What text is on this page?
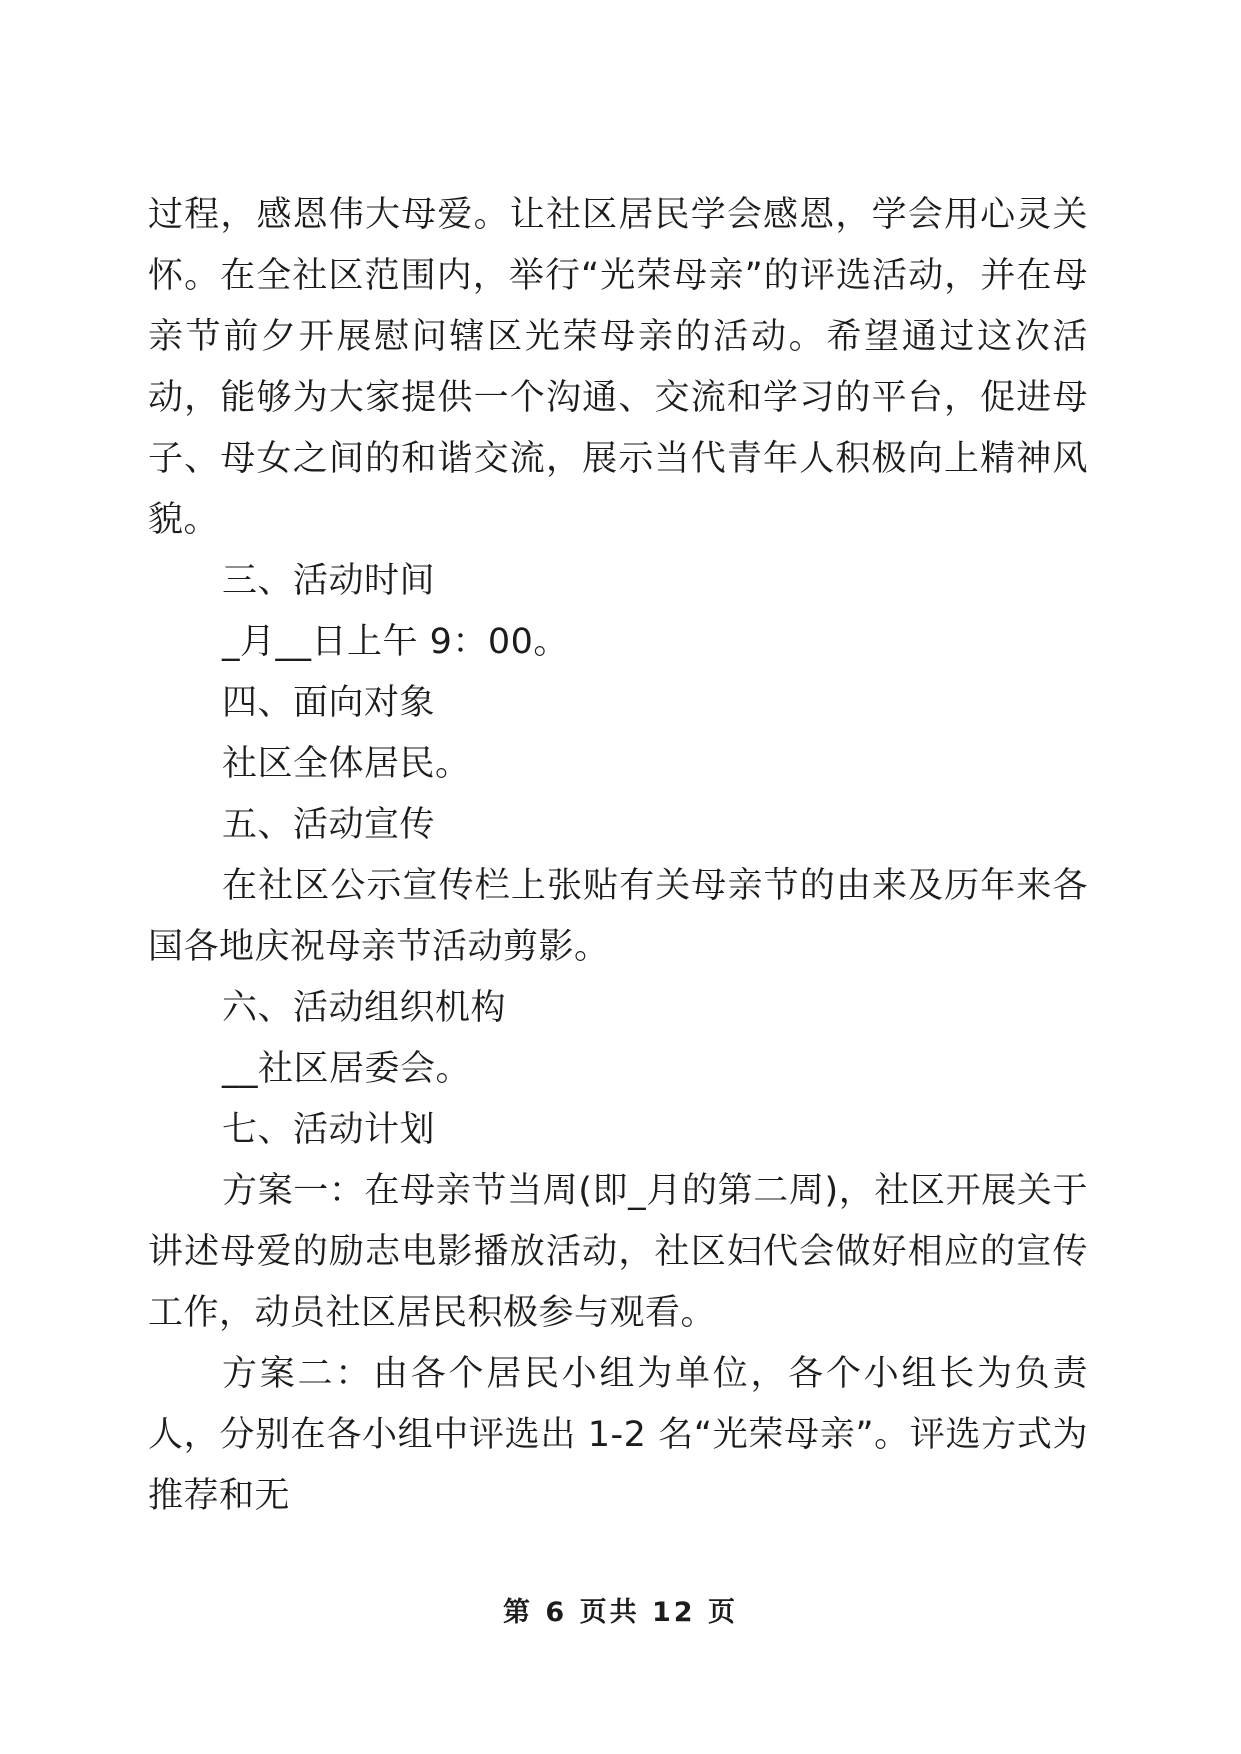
过程，感恩伟大母爱。让社区居民学会感恩，学会用心灵关怀。在全社区范围内，举行“光荣母亲”的评选活动，并在母亲节前夕开展慰问辖区光荣母亲的活动。希望通过这次活动，能够为大家提供一个沟通、交流和学习的平台，促进母子、母女之间的和谐交流，展示当代青年人积极向上精神风貌。

三、活动时间

_月__日上午 9：00。

四、面向对象

社区全体居民。

五、活动宣传

在社区公示宣传栏上张贴有关母亲节的由来及历年来各国各地庆祝母亲节活动剪影。

六、活动组织机构

__社区居委会。

七、活动计划

方案一：在母亲节当周(即_月的第二周)，社区开展关于讲述母爱的励志电影播放活动，社区妇代会做好相应的宣传工作，动员社区居民积极参与观看。

方案二：由各个居民小组为单位，各个小组长为负责人，分别在各小组中评选出 1-2 名“光荣母亲”。评选方式为推荐和无

第 6 页共 12 页
